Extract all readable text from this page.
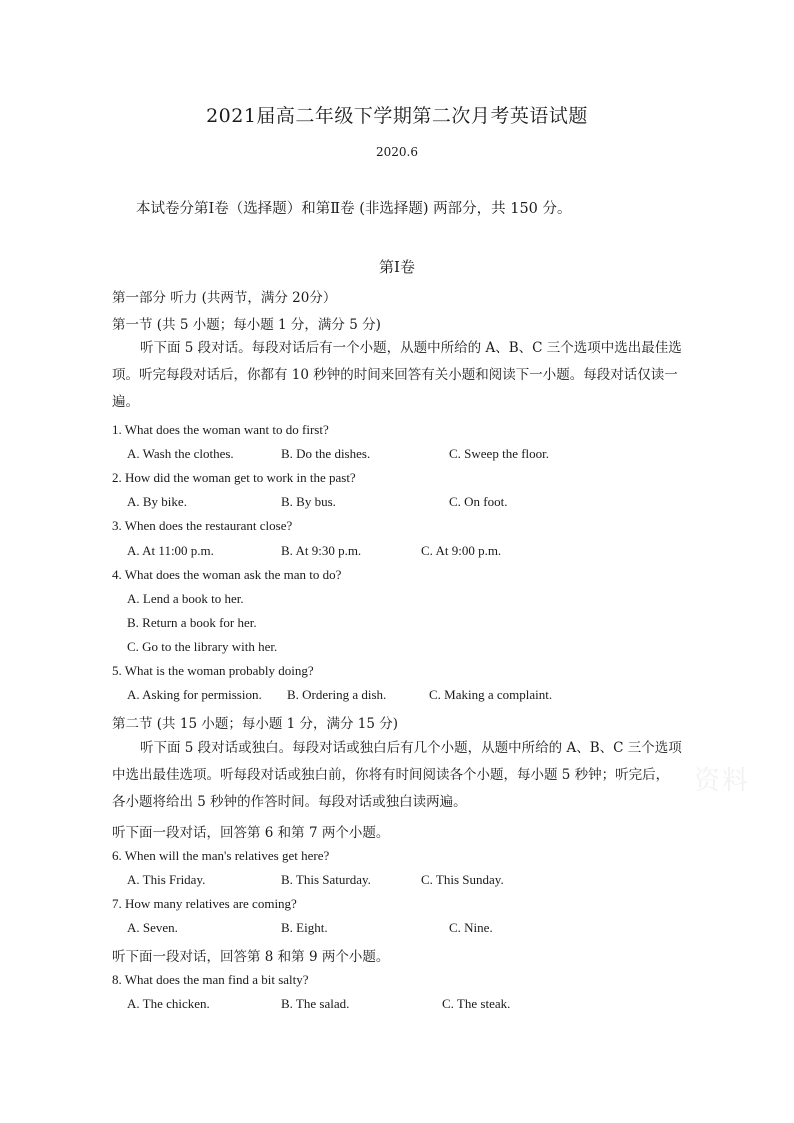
2021届高二年级下学期第二次月考英语试题
2020.6
本试卷分第Ⅰ卷（选择题）和第Ⅱ卷 (非选择题) 两部分，共 150 分。
第Ⅰ卷
第一部分 听力 (共两节，满分 20分）
第一节 (共 5 小题；每小题 1 分，满分 5 分)
听下面 5 段对话。每段对话后有一个小题，从题中所给的 A、B、C 三个选项中选出最佳选项。听完每段对话后，你都有 10 秒钟的时间来回答有关小题和阅读下一小题。每段对话仅读一遍。
1. What does the woman want to do first?
A. Wash the clothes.	B. Do the dishes.	C. Sweep the floor.
2. How did the woman get to work in the past?
A. By bike.	B. By bus.	C. On foot.
3. When does the restaurant close?
A. At 11:00 p.m.	B. At 9:30 p.m.	C. At 9:00 p.m.
4. What does the woman ask the man to do?
A. Lend a book to her.
B. Return a book for her.
C. Go to the library with her.
5. What is the woman probably doing?
A. Asking for permission. B. Ordering a dish.	C. Making a complaint.
第二节 (共 15 小题；每小题 1 分，满分 15 分)
听下面 5 段对话或独白。每段对话或独白后有几个小题，从题中所给的 A、B、C 三个选项中选出最佳选项。听每段对话或独白前，你将有时间阅读各个小题，每小题 5 秒钟；听完后，各小题将给出 5 秒钟的作答时间。每段对话或独白读两遍。
听下面一段对话，回答第 6 和第 7 两个小题。
6. When will the man's relatives get here?
A. This Friday.	B. This Saturday.	C. This Sunday.
7. How many relatives are coming?
A. Seven.	B. Eight.	C. Nine.
听下面一段对话，回答第 8 和第 9 两个小题。
8. What does the man find a bit salty?
A. The chicken.	B. The salad.	C. The steak.
资料
